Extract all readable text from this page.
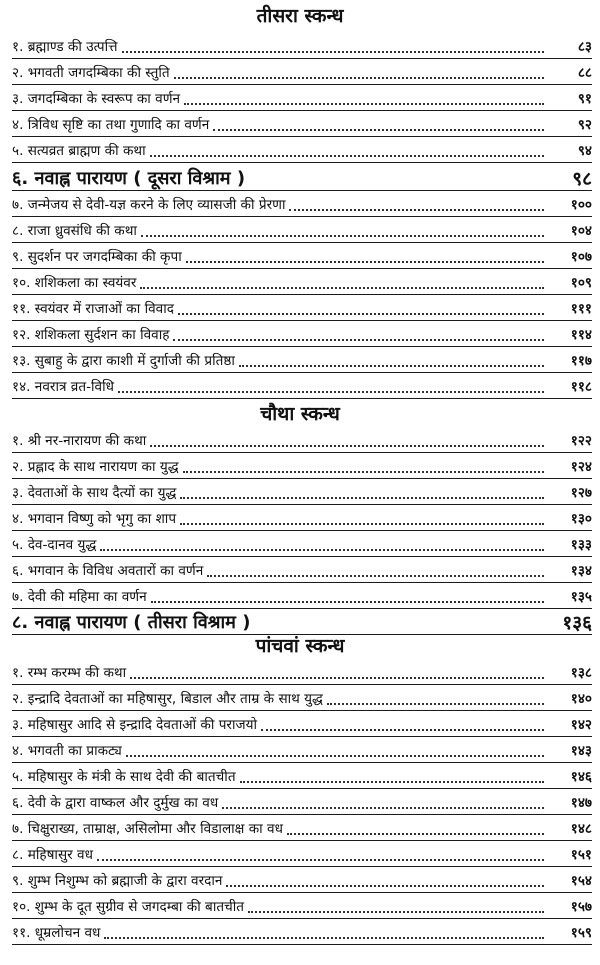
तीसरा स्कन्ध
१. ब्रह्माण्ड की उत्पत्ति	८३
२. भगवती जगदम्बिका की स्तुति	८८
३. जगदम्बिका के स्वरूप का वर्णन	९१
४. त्रिविध सृष्टि का तथा गुणादि का वर्णन	९२
५. सत्यव्रत ब्राह्मण की कथा	९४
६. नवाह्न पारायण ( दूसरा विश्राम )	९८
७. जन्मेजय से देवी-यज्ञ करने के लिए व्यासजी की प्रेरणा	१००
८. राजा ध्रुवसंधि की कथा	१०४
९. सुदर्शन पर जगदम्बिका की कृपा	१०७
१०. शशिकला का स्वयंवर	१०९
११. स्वयंवर में राजाओं का विवाद	१११
१२. शशिकला सुर्दशन का विवाह	११४
१३. सुबाहु के द्वारा काशी में दुर्गाजी की प्रतिष्ठा	११७
१४. नवरात्र व्रत-विधि	११८
चौथा स्कन्ध
१. श्री नर-नारायण की कथा	१२२
२. प्रह्लाद के साथ नारायण का युद्ध	१२४
३. देवताओं के साथ दैत्यों का युद्ध	१२७
४. भगवान विष्णु को भृगु का शाप	१३०
५. देव-दानव युद्ध	१३३
६. भगवान के विविध अवतारों का वर्णन	१३४
७. देवी की महिमा का वर्णन	१३५
८. नवाह्न पारायण ( तीसरा विश्राम )	१३६
पांचवां स्कन्ध
१. रम्भ करम्भ की कथा	१३८
२. इन्द्रादि देवताओं का महिषासुर, बिडाल और ताम्र के साथ युद्ध	१४०
३. महिषासुर आदि से इन्द्रादि देवताओं की पराजयो	१४२
४. भगवती का प्राकट्य	१४३
५. महिषासुर के मंत्री के साथ देवी की बातचीत	१४६
६. देवी के द्वारा वाष्कल और दुर्मुख का वध	१४७
७. चिक्षुराख्य, ताम्राक्ष, असिलोमा और विडालाक्ष का वध	१४८
८. महिषासुर वध	१५१
९. शुम्भ निशुम्भ को ब्रह्माजी के द्वारा वरदान	१५४
१०. शुम्भ के दूत सुग्रीव से जगदम्बा की बातचीत	१५७
११. धूम्रलोचन वध	१५९
